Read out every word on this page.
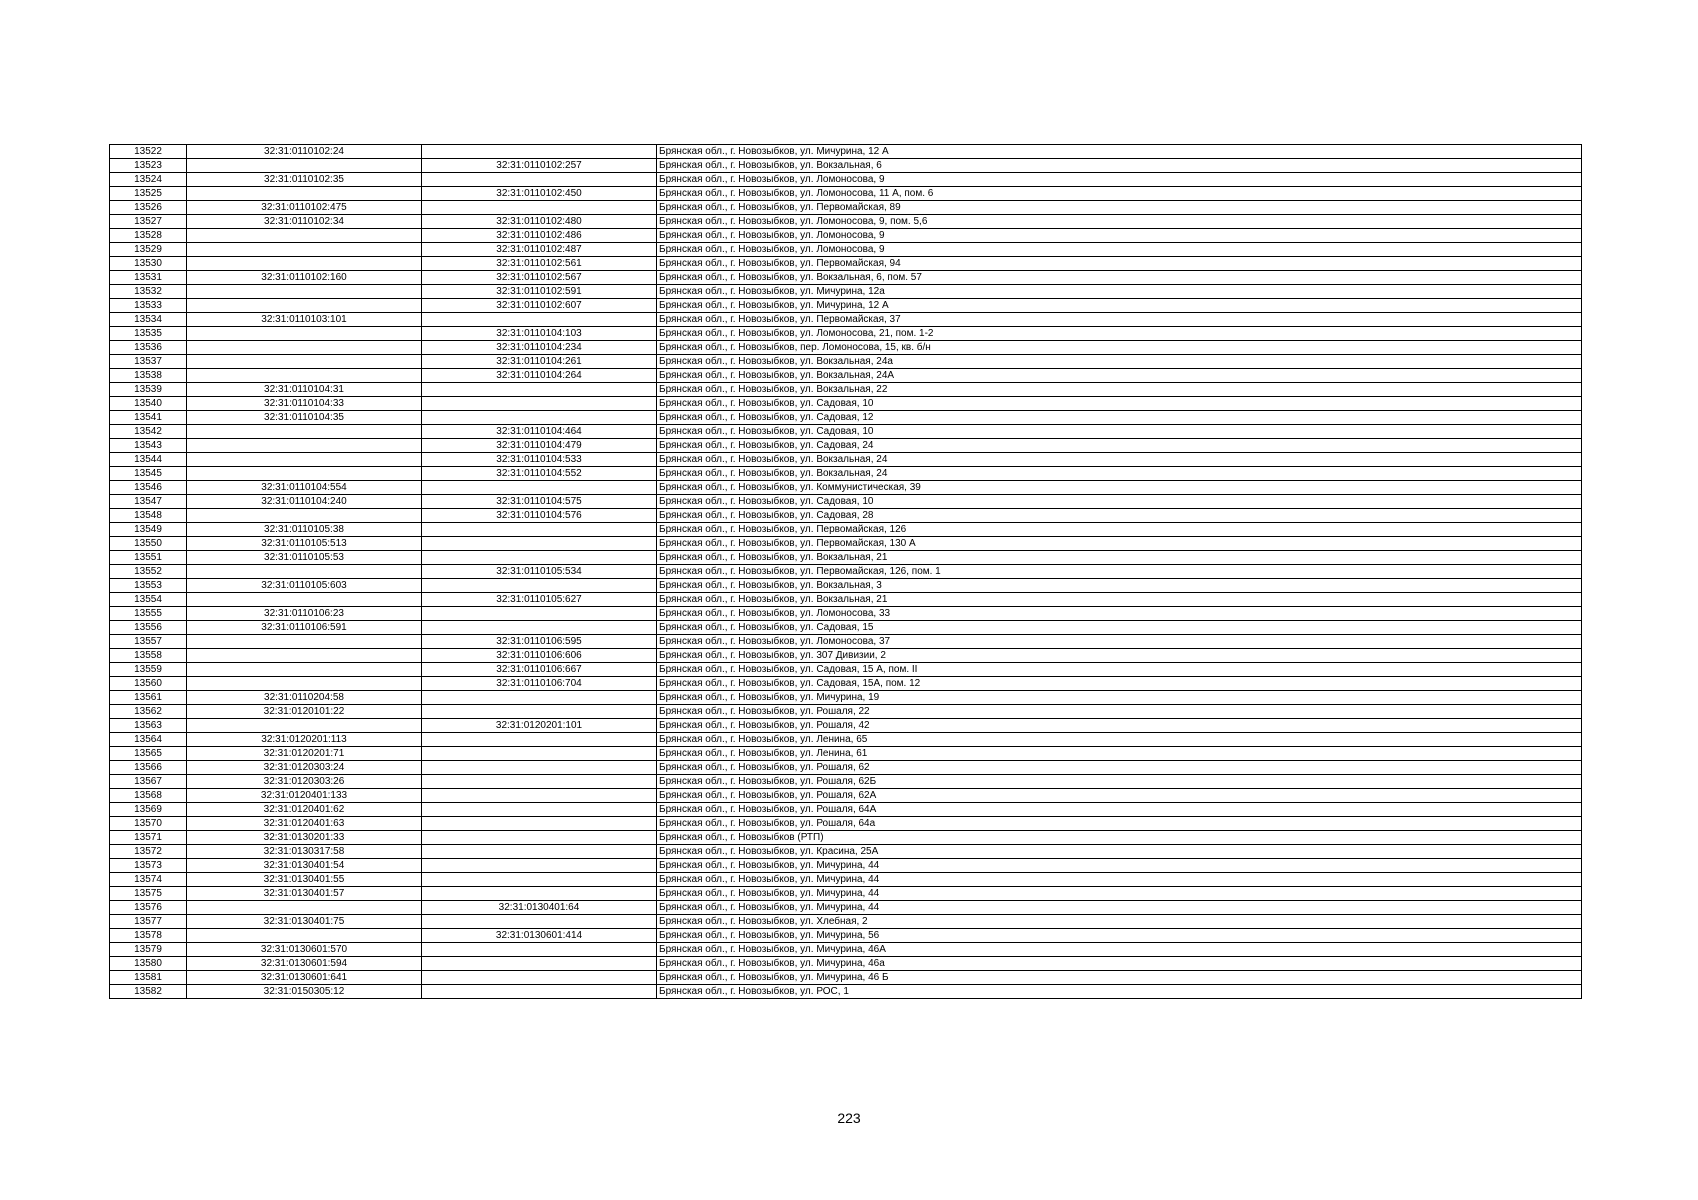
13522	32:31:0110102:24		Брянская обл., г. Новозыбков, ул. Мичурина, 12 А
13523		32:31:0110102:257	Брянская обл., г. Новозыбков, ул. Вокзальная, 6
13524	32:31:0110102:35		Брянская обл., г. Новозыбков, ул. Ломоносова, 9
13525		32:31:0110102:450	Брянская обл., г. Новозыбков, ул. Ломоносова, 11 А, пом. 6
13526	32:31:0110102:475		Брянская обл., г. Новозыбков, ул. Первомайская, 89
13527	32:31:0110102:34	32:31:0110102:480	Брянская обл., г. Новозыбков, ул. Ломоносова, 9, пом. 5,6
13528		32:31:0110102:486	Брянская обл., г. Новозыбков, ул. Ломоносова, 9
13529		32:31:0110102:487	Брянская обл., г. Новозыбков, ул. Ломоносова, 9
13530		32:31:0110102:561	Брянская обл., г. Новозыбков, ул. Первомайская, 94
13531	32:31:0110102:160	32:31:0110102:567	Брянская обл., г. Новозыбков, ул. Вокзальная, 6, пом. 57
13532		32:31:0110102:591	Брянская обл., г. Новозыбков, ул. Мичурина, 12а
13533		32:31:0110102:607	Брянская обл., г. Новозыбков, ул. Мичурина, 12 А
13534	32:31:0110103:101		Брянская обл., г. Новозыбков, ул. Первомайская, 37
13535		32:31:0110104:103	Брянская обл., г. Новозыбков, ул. Ломоносова, 21, пом. 1-2
13536		32:31:0110104:234	Брянская обл., г. Новозыбков, пер. Ломоносова, 15, кв. б/н
13537		32:31:0110104:261	Брянская обл., г. Новозыбков, ул. Вокзальная, 24а
13538		32:31:0110104:264	Брянская обл., г. Новозыбков, ул. Вокзальная, 24А
13539	32:31:0110104:31		Брянская обл., г. Новозыбков, ул. Вокзальная, 22
13540	32:31:0110104:33		Брянская обл., г. Новозыбков, ул. Садовая, 10
13541	32:31:0110104:35		Брянская обл., г. Новозыбков, ул. Садовая, 12
13542		32:31:0110104:464	Брянская обл., г. Новозыбков, ул. Садовая, 10
13543		32:31:0110104:479	Брянская обл., г. Новозыбков, ул. Садовая, 24
13544		32:31:0110104:533	Брянская обл., г. Новозыбков, ул. Вокзальная, 24
13545		32:31:0110104:552	Брянская обл., г. Новозыбков, ул. Вокзальная, 24
13546	32:31:0110104:554		Брянская обл., г. Новозыбков, ул. Коммунистическая, 39
13547	32:31:0110104:240	32:31:0110104:575	Брянская обл., г. Новозыбков, ул. Садовая, 10
13548		32:31:0110104:576	Брянская обл., г. Новозыбков, ул. Садовая, 28
13549	32:31:0110105:38		Брянская обл., г. Новозыбков, ул. Первомайская, 126
13550	32:31:0110105:513		Брянская обл., г. Новозыбков, ул. Первомайская, 130 А
13551	32:31:0110105:53		Брянская обл., г. Новозыбков, ул. Вокзальная, 21
13552		32:31:0110105:534	Брянская обл., г. Новозыбков, ул. Первомайская, 126, пом. 1
13553	32:31:0110105:603		Брянская обл., г. Новозыбков, ул. Вокзальная, 3
13554		32:31:0110105:627	Брянская обл., г. Новозыбков, ул. Вокзальная, 21
13555	32:31:0110106:23		Брянская обл., г. Новозыбков, ул. Ломоносова, 33
13556	32:31:0110106:591		Брянская обл., г. Новозыбков, ул. Садовая, 15
13557		32:31:0110106:595	Брянская обл., г. Новозыбков, ул. Ломоносова, 37
13558		32:31:0110106:606	Брянская обл., г. Новозыбков, ул. 307 Дивизии, 2
13559		32:31:0110106:667	Брянская обл., г. Новозыбков, ул. Садовая, 15 А, пом. II
13560		32:31:0110106:704	Брянская обл., г. Новозыбков, ул. Садовая, 15А, пом. 12
13561	32:31:0110204:58		Брянская обл., г. Новозыбков, ул. Мичурина, 19
13562	32:31:0120101:22		Брянская обл., г. Новозыбков, ул. Рошаля, 22
13563		32:31:0120201:101	Брянская обл., г. Новозыбков, ул. Рошаля, 42
13564	32:31:0120201:113		Брянская обл., г. Новозыбков, ул. Ленина, 65
13565	32:31:0120201:71		Брянская обл., г. Новозыбков, ул. Ленина, 61
13566	32:31:0120303:24		Брянская обл., г. Новозыбков, ул. Рошаля, 62
13567	32:31:0120303:26		Брянская обл., г. Новозыбков, ул. Рошаля, 62Б
13568	32:31:0120401:133		Брянская обл., г. Новозыбков, ул. Рошаля, 62А
13569	32:31:0120401:62		Брянская обл., г. Новозыбков, ул. Рошаля, 64А
13570	32:31:0120401:63		Брянская обл., г. Новозыбков, ул. Рошаля, 64а
13571	32:31:0130201:33		Брянская обл., г. Новозыбков (РТП)
13572	32:31:0130317:58		Брянская обл., г. Новозыбков, ул. Красина, 25А
13573	32:31:0130401:54		Брянская обл., г. Новозыбков, ул. Мичурина, 44
13574	32:31:0130401:55		Брянская обл., г. Новозыбков, ул. Мичурина, 44
13575	32:31:0130401:57		Брянская обл., г. Новозыбков, ул. Мичурина, 44
13576		32:31:0130401:64	Брянская обл., г. Новозыбков, ул. Мичурина, 44
13577	32:31:0130401:75		Брянская обл., г. Новозыбков, ул. Хлебная, 2
13578		32:31:0130601:414	Брянская обл., г. Новозыбков, ул. Мичурина, 56
13579	32:31:0130601:570		Брянская обл., г. Новозыбков, ул. Мичурина, 46А
13580	32:31:0130601:594		Брянская обл., г. Новозыбков, ул. Мичурина, 46а
13581	32:31:0130601:641		Брянская обл., г. Новозыбков, ул. Мичурина, 46 Б
13582	32:31:0150305:12		Брянская обл., г. Новозыбков, ул. РОС, 1
223
